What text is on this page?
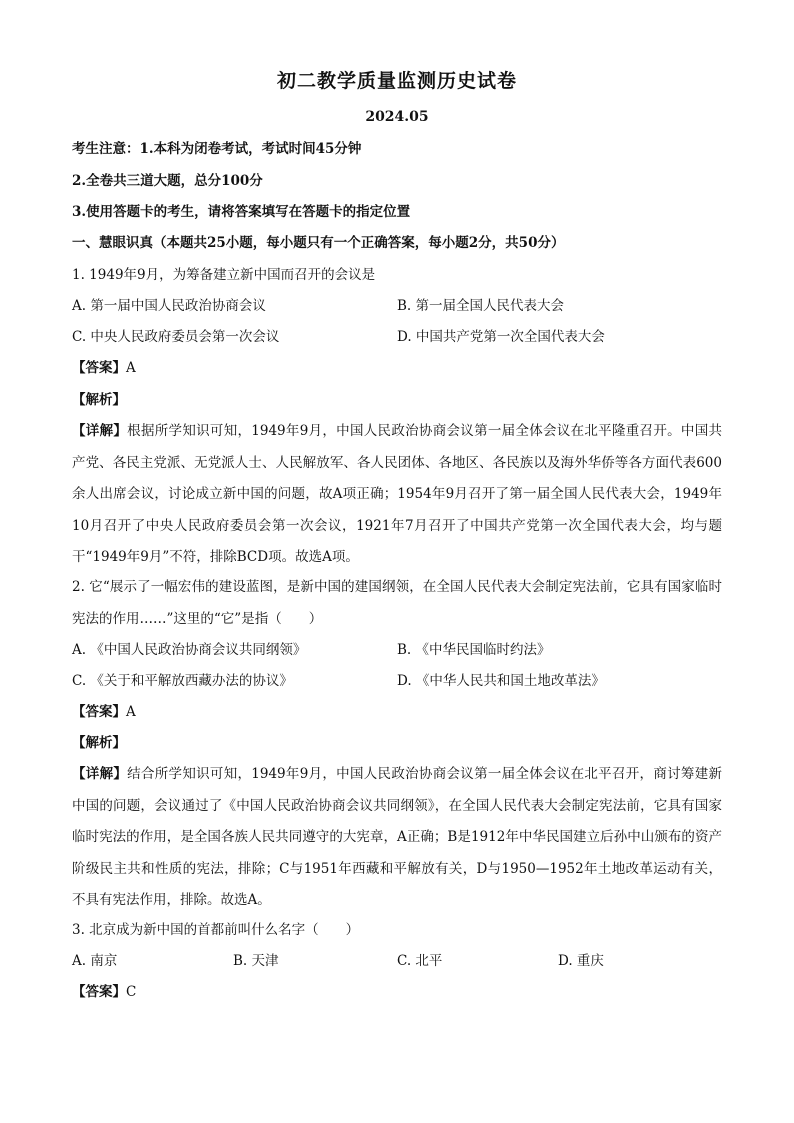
初二教学质量监测历史试卷
2024.05
考生注意：1.本科为闭卷考试，考试时间45分钟
2.全卷共三道大题，总分100分
3.使用答题卡的考生，请将答案填写在答题卡的指定位置
一、慧眼识真（本题共25小题，每小题只有一个正确答案，每小题2分，共50分）
1. 1949年9月，为筹备建立新中国而召开的会议是
A. 第一届中国人民政治协商会议	B. 第一届全国人民代表大会
C. 中央人民政府委员会第一次会议	D. 中国共产党第一次全国代表大会
【答案】A
【解析】
【详解】根据所学知识可知，1949年9月，中国人民政治协商会议第一届全体会议在北平隆重召开。中国共产党、各民主党派、无党派人士、人民解放军、各人民团体、各地区、各民族以及海外华侨等各方面代表600余人出席会议，讨论成立新中国的问题，故A项正确；1954年9月召开了第一届全国人民代表大会，1949年10月召开了中央人民政府委员会第一次会议，1921年7月召开了中国共产党第一次全国代表大会，均与题干“1949年9月”不符，排除BCD项。故选A项。
2. 它“展示了一幅宏伟的建设蓝图，是新中国的建国纲领，在全国人民代表大会制定宪法前，它具有国家临时宪法的作用……”这里的“它”是指（　　）
A. 《中国人民政治协商会议共同纲领》	B. 《中华民国临时约法》
C. 《关于和平解放西藏办法的协议》	D. 《中华人民共和国土地改革法》
【答案】A
【解析】
【详解】结合所学知识可知，1949年9月，中国人民政治协商会议第一届全体会议在北平召开，商讨筹建新中国的问题，会议通过了《中国人民政治协商会议共同纲领》，在全国人民代表大会制定宪法前，它具有国家临时宪法的作用，是全国各族人民共同遵守的大宪章，A正确；B是1912年中华民国建立后孙中山颁布的资产阶级民主共和性质的宪法，排除；C与1951年西藏和平解放有关，D与1950—1952年土地改革运动有关，不具有宪法作用，排除。故选A。
3. 北京成为新中国的首都前叫什么名字（　　）
A. 南京	B. 天津	C. 北平	D. 重庆
【答案】C
